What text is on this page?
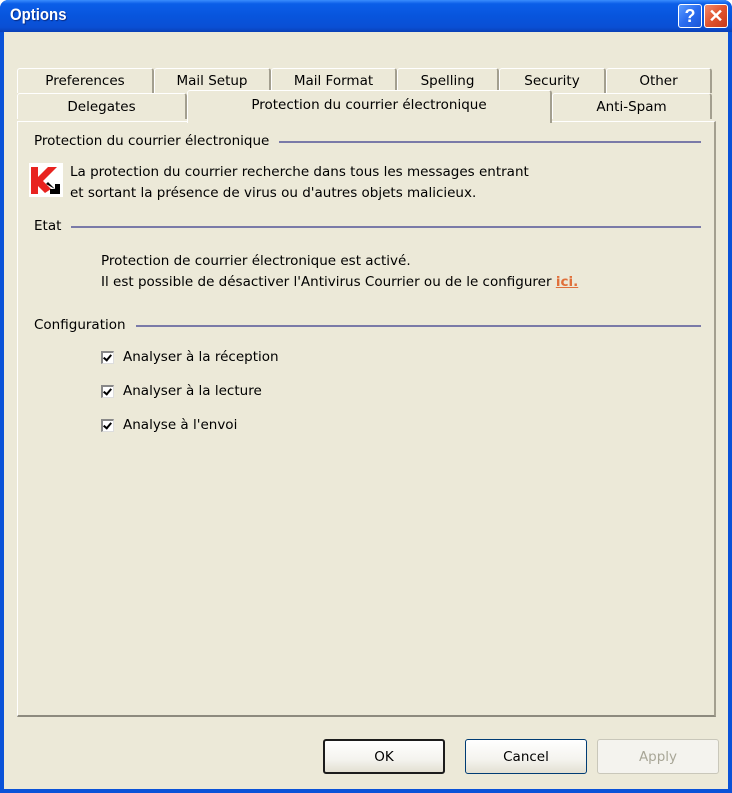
Options	? ✕
Preferences	Mail Setup	Mail Format	Spelling	Security	Other
Delegates	Protection du courrier électronique	Anti-Spam
Protection du courrier électronique
La protection du courrier recherche dans tous les messages entrant
et sortant la présence de virus ou d'autres objets malicieux.
Etat
Protection de courrier électronique est activé.
Il est possible de désactiver l'Antivirus Courrier ou de le configurer ici.
Configuration
Analyser à la réception
Analyser à la lecture
Analyse à l'envoi
OK	Cancel	Apply
